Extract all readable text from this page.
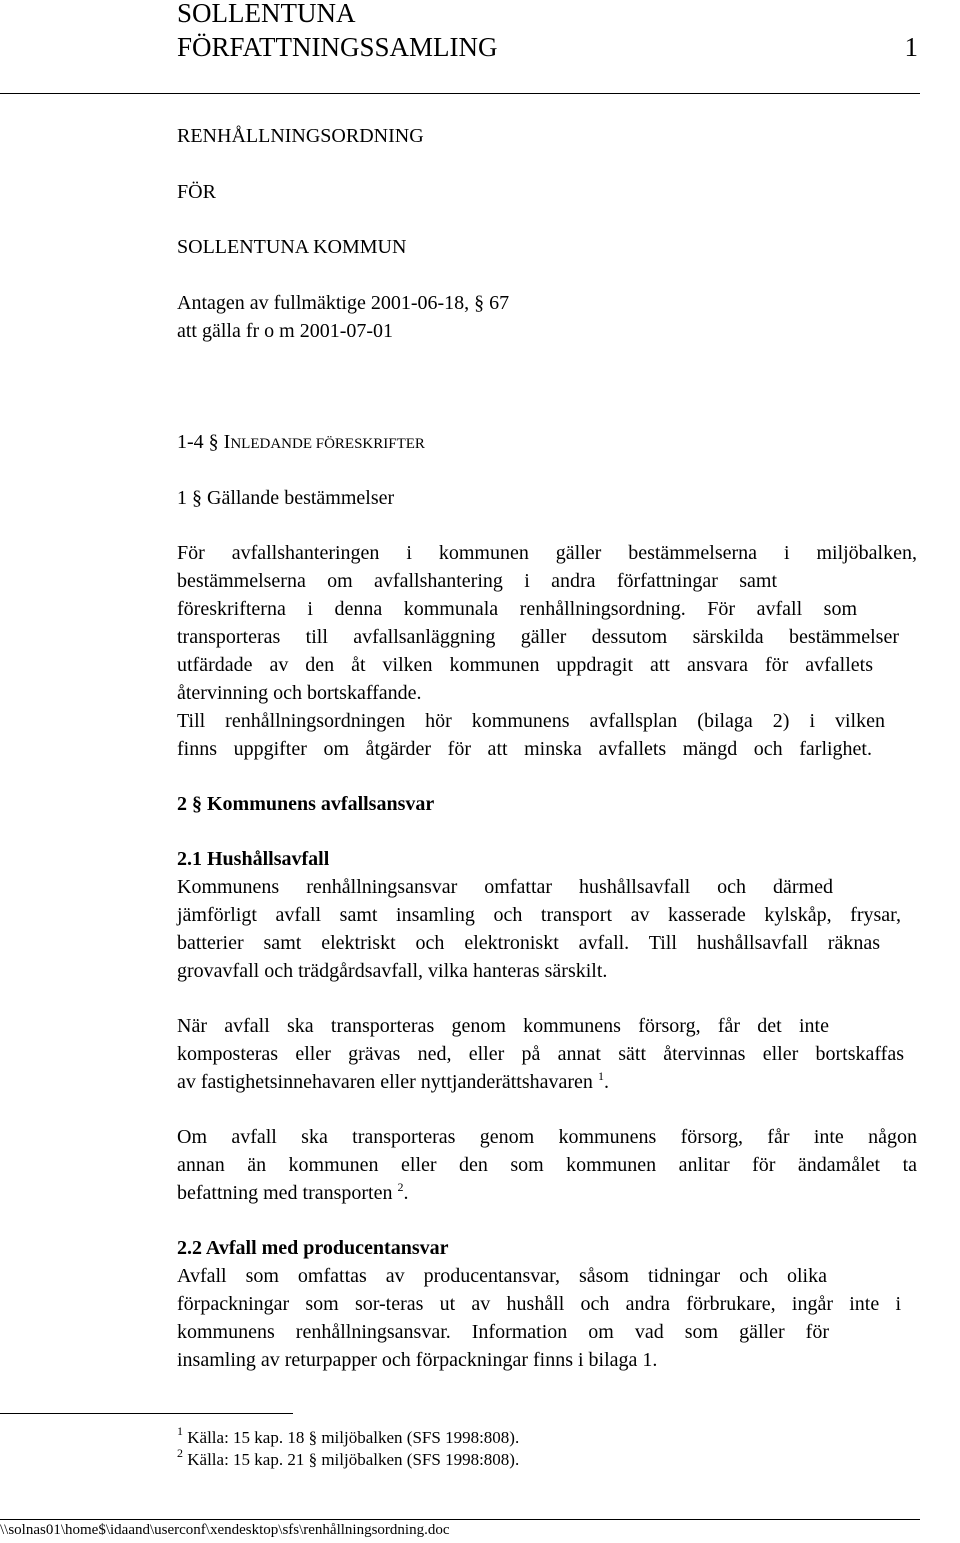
SOLLENTUNA
FÖRFATTNINGSSAMLING	1
RENHÅLLNINGSORDNING
FÖR
SOLLENTUNA KOMMUN
Antagen av fullmäktige 2001-06-18, § 67
att gälla fr o m 2001-07-01
1-4 § INLEDANDE FÖRESKRIFTER
1 § Gällande bestämmelser

För avfallshanteringen i kommunen gäller bestämmelserna i miljöbalken,

bestämmelserna om avfallshantering i andra författningar samt

föreskrifterna i denna kommunala renhållningsordning. För avfall som

transporteras till avfallsanläggning gäller dessutom särskilda bestämmelser

utfärdade av den åt vilken kommunen uppdragit att ansvara för avfallets

återvinning och bortskaffande.

Till renhållningsordningen hör kommunens avfallsplan (bilaga 2) i vilken

finns uppgifter om åtgärder för att minska avfallets mängd och farlighet.

2 § Kommunens avfallsansvar
2.1 Hushållsavfall

Kommunens renhållningsansvar omfattar hushållsavfall och därmed

jämförligt avfall samt insamling och transport av kasserade kylskåp, frysar,

batterier samt elektriskt och elektroniskt avfall. Till hushållsavfall räknas

grovavfall och trädgårdsavfall, vilka hanteras särskilt.

När avfall ska transporteras genom kommunens försorg, får det inte

komposteras eller grävas ned, eller på annat sätt återvinnas eller bortskaffas

av fastighetsinnehavaren eller nyttjanderättshavaren $^1$.

Om avfall ska transporteras genom kommunens försorg, får inte någon

annan än kommunen eller den som kommunen anlitar för ändamålet ta

befattning med transporten $^2$.

2.2 Avfall med producentansvar

Avfall som omfattas av producentansvar, såsom tidningar och olika

förpackningar som sor-teras ut av hushåll och andra förbrukare, ingår inte i

kommunens renhållningsansvar. Information om vad som gäller för

insamling av returpapper och förpackningar finns i bilaga 1.

$^1$ Källa: 15 kap. 18 § miljöbalken (SFS 1998:808).
$^2$ Källa: 15 kap. 21 § miljöbalken (SFS 1998:808).
\\solnas01\home$\idaand\userconf\xendesktop\sfs\renhållningsordning.doc
